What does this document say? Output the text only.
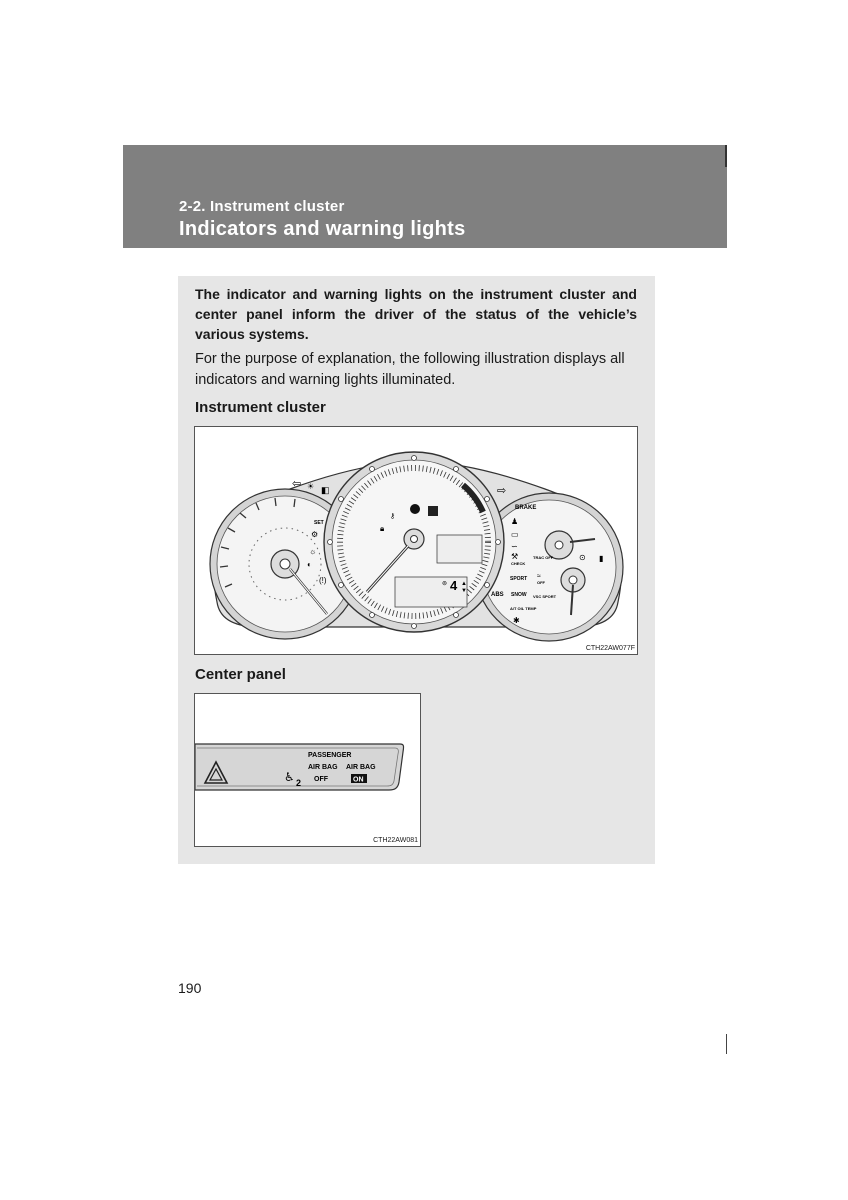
2-2. Instrument cluster
Indicators and warning lights
The indicator and warning lights on the instrument cluster and center panel inform the driver of the status of the vehicle’s various systems.
For the purpose of explanation, the following illustration displays all indicators and warning lights illuminated.
Instrument cluster
SET
⚙
☼
◐
(!)
BRAKE
♟
▭
∽
⚒
CHECK
TRAC OFF
SPORT ≈
OFF
ABS SNOW VSC SPORT
A/T OIL TEMP
✱
⊙ ▮
⚷
🔒︎
4
⊚ ▲
▼
⇦ ☀ ◧	⇨
CTH22AW077F
Center panel
PASSENGER
AIR BAG
OFF
AIR BAG
ON
♿︎ 2
CTH22AW081
190
